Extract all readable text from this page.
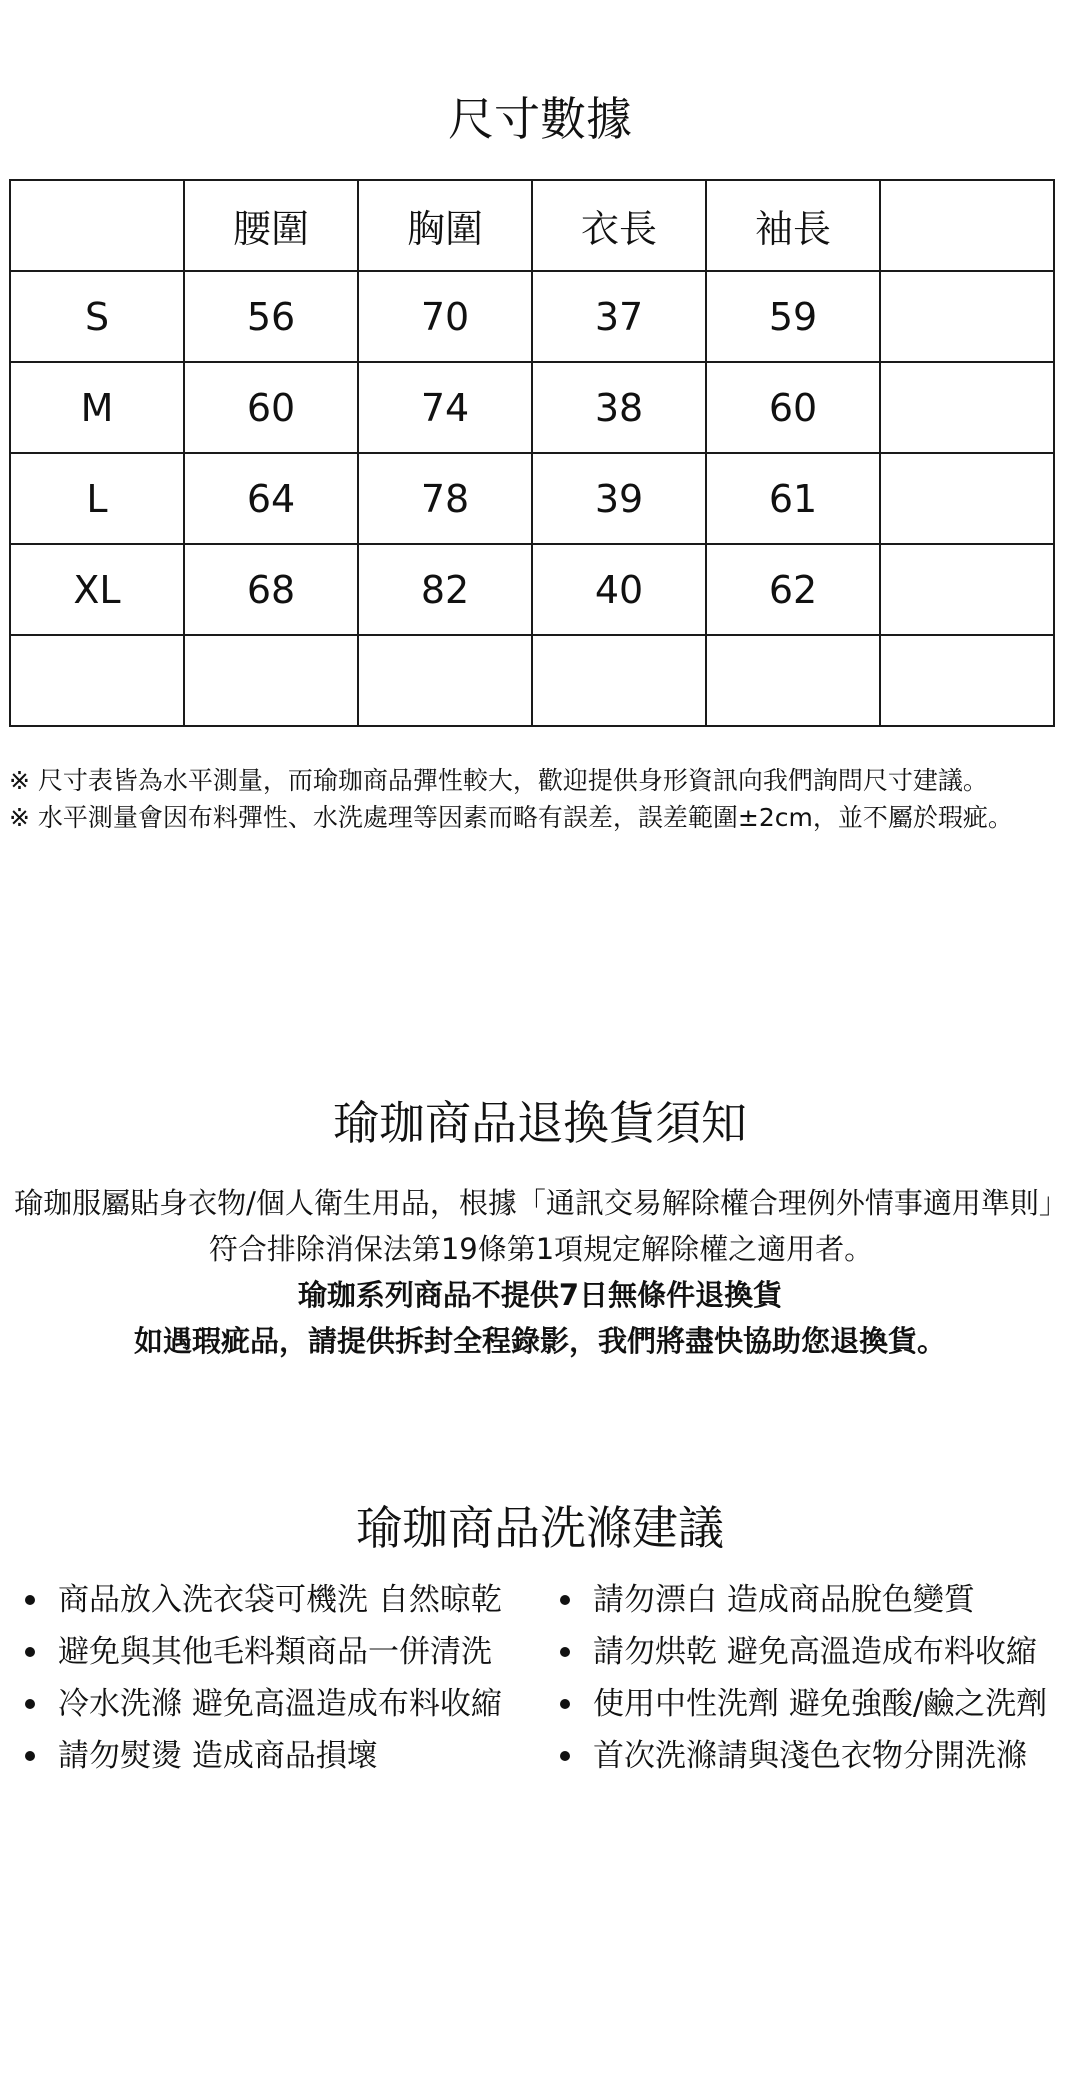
尺寸數據
	腰圍	胸圍	衣長	袖長	
S	56	70	37	59	
M	60	74	38	60	
L	64	78	39	61	
XL	68	82	40	62	

※ 尺寸表皆為水平測量，而瑜珈商品彈性較大，歡迎提供身形資訊向我們詢問尺寸建議。
※ 水平測量會因布料彈性、水洗處理等因素而略有誤差，誤差範圍±2cm，並不屬於瑕疵。
瑜珈商品退換貨須知
瑜珈服屬貼身衣物/個人衛生用品，根據「通訊交易解除權合理例外情事適用準則」符合排除消保法第19條第1項規定解除權之適用者。
瑜珈系列商品不提供7日無條件退換貨
如遇瑕疵品，請提供拆封全程錄影，我們將盡快協助您退換貨。
瑜珈商品洗滌建議
商品放入洗衣袋可機洗 自然晾乾
避免與其他毛料類商品一併清洗
冷水洗滌 避免高溫造成布料收縮
請勿熨燙 造成商品損壞
請勿漂白 造成商品脫色變質
請勿烘乾 避免高溫造成布料收縮
使用中性洗劑 避免強酸/鹼之洗劑
首次洗滌請與淺色衣物分開洗滌
